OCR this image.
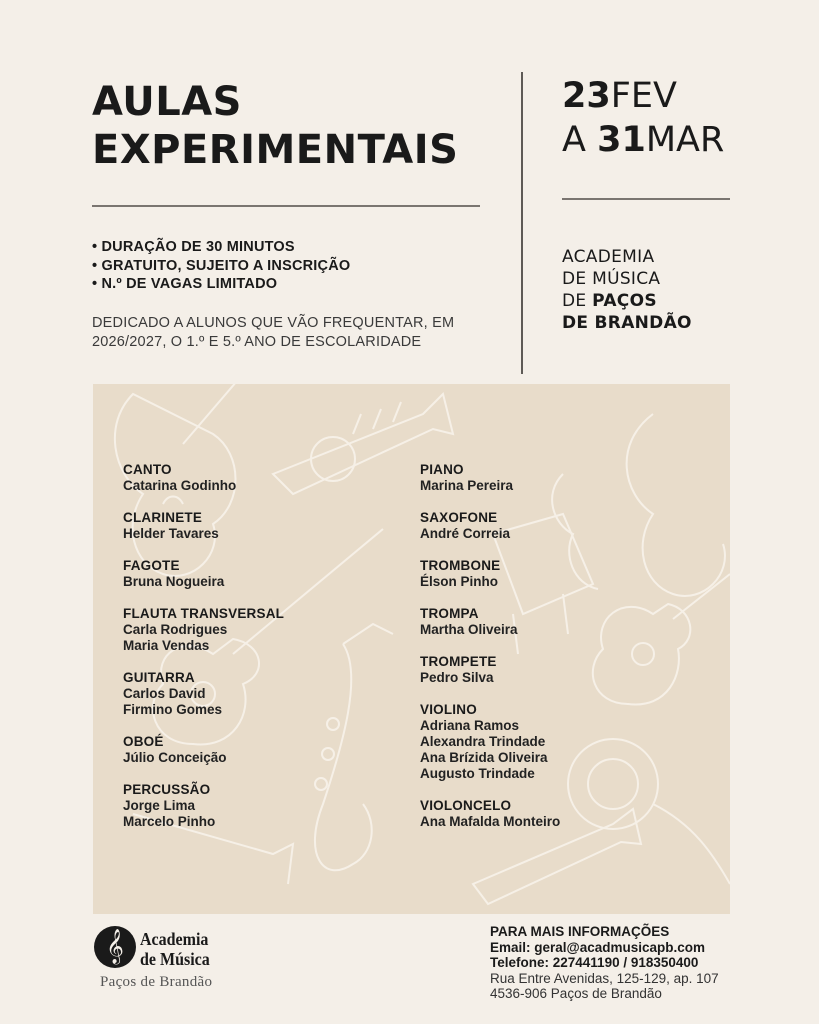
AULAS
EXPERIMENTAIS
23FEV
A 31MAR
ACADEMIA
DE MÚSICA
DE PAÇOS
DE BRANDÃO
• DURAÇÃO DE 30 MINUTOS
• GRATUITO, SUJEITO A INSCRIÇÃO
• N.º DE VAGAS LIMITADO
DEDICADO A ALUNOS QUE VÃO FREQUENTAR, EM
2026/2027, O 1.º E 5.º ANO DE ESCOLARIDADE
CANTO
Catarina Godinho
CLARINETE
Helder Tavares
FAGOTE
Bruna Nogueira
FLAUTA TRANSVERSAL
Carla Rodrigues
Maria Vendas
GUITARRA
Carlos David
Firmino Gomes
OBOÉ
Júlio Conceição
PERCUSSÃO
Jorge Lima
Marcelo Pinho
PIANO
Marina Pereira
SAXOFONE
André Correia
TROMBONE
Élson Pinho
TROMPA
Martha Oliveira
TROMPETE
Pedro Silva
VIOLINO
Adriana Ramos
Alexandra Trindade
Ana Brízida Oliveira
Augusto Trindade
VIOLONCELO
Ana Mafalda Monteiro
𝄞	Academia
de Música
Paços de Brandão
PARA MAIS INFORMAÇÕES
Email: geral@acadmusicapb.com
Telefone: 227441190 / 918350400
Rua Entre Avenidas, 125-129, ap. 107
4536-906 Paços de Brandão
